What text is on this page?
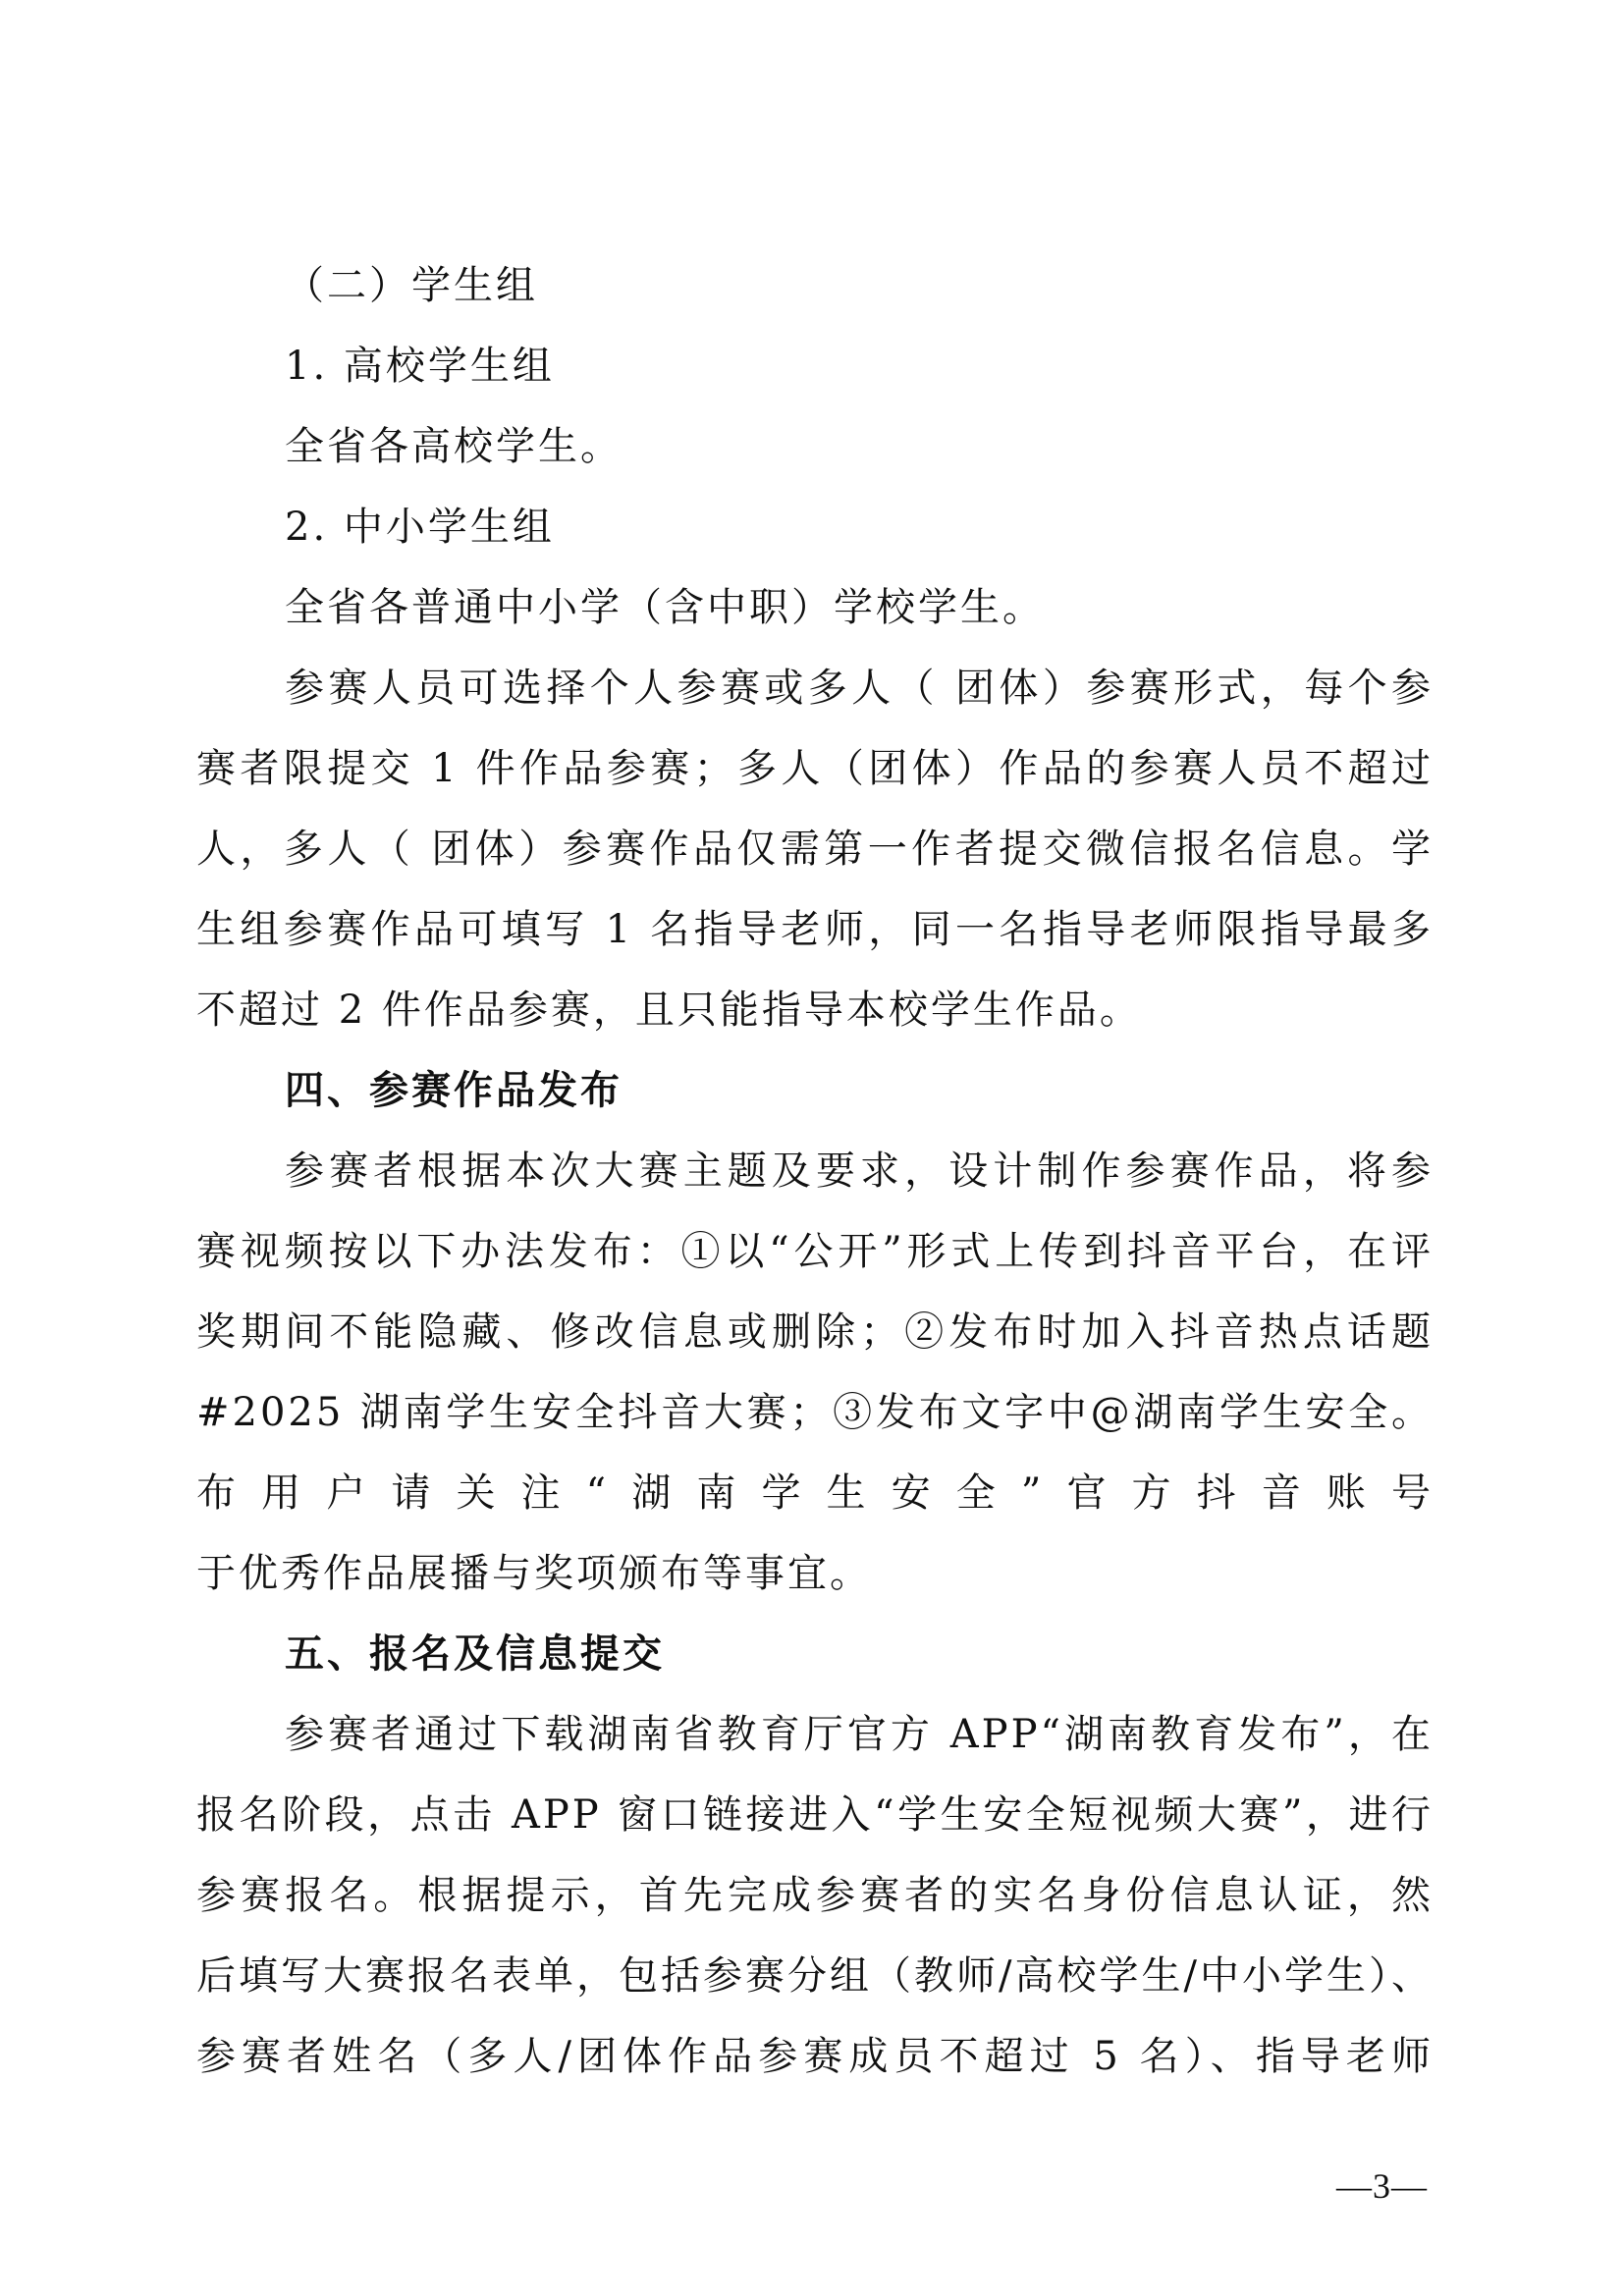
（二）学生组
1. 高校学生组
全省各高校学生。
2. 中小学生组
全省各普通中小学（含中职）学校学生。
参赛人员可选择个人参赛或多人（ 团体）参赛形式，每个参
赛者限提交 1 件作品参赛；多人（团体）作品的参赛人员不超过
人，多人（ 团体）参赛作品仅需第一作者提交微信报名信息。学
生组参赛作品可填写 1 名指导老师，同一名指导老师限指导最多
不超过 2 件作品参赛，且只能指导本校学生作品。
四、参赛作品发布
参赛者根据本次大赛主题及要求，设计制作参赛作品，将参
赛视频按以下办法发布：①以“公开”形式上传到抖音平台，在评
奖期间不能隐藏、修改信息或删除；②发布时加入抖音热点话题
#2025 湖南学生安全抖音大赛；③发布文字中@湖南学生安全。
布用户请关注“湖南学生安全”官方抖音账号
于优秀作品展播与奖项颁布等事宜。
五、报名及信息提交
参赛者通过下载湖南省教育厅官方 APP“湖南教育发布”，在
报名阶段，点击 APP 窗口链接进入“学生安全短视频大赛”，进行
参赛报名。根据提示，首先完成参赛者的实名身份信息认证，然
后填写大赛报名表单，包括参赛分组（教师/高校学生/中小学生）、
参赛者姓名（多人/团体作品参赛成员不超过 5 名）、指导老师
—3—
